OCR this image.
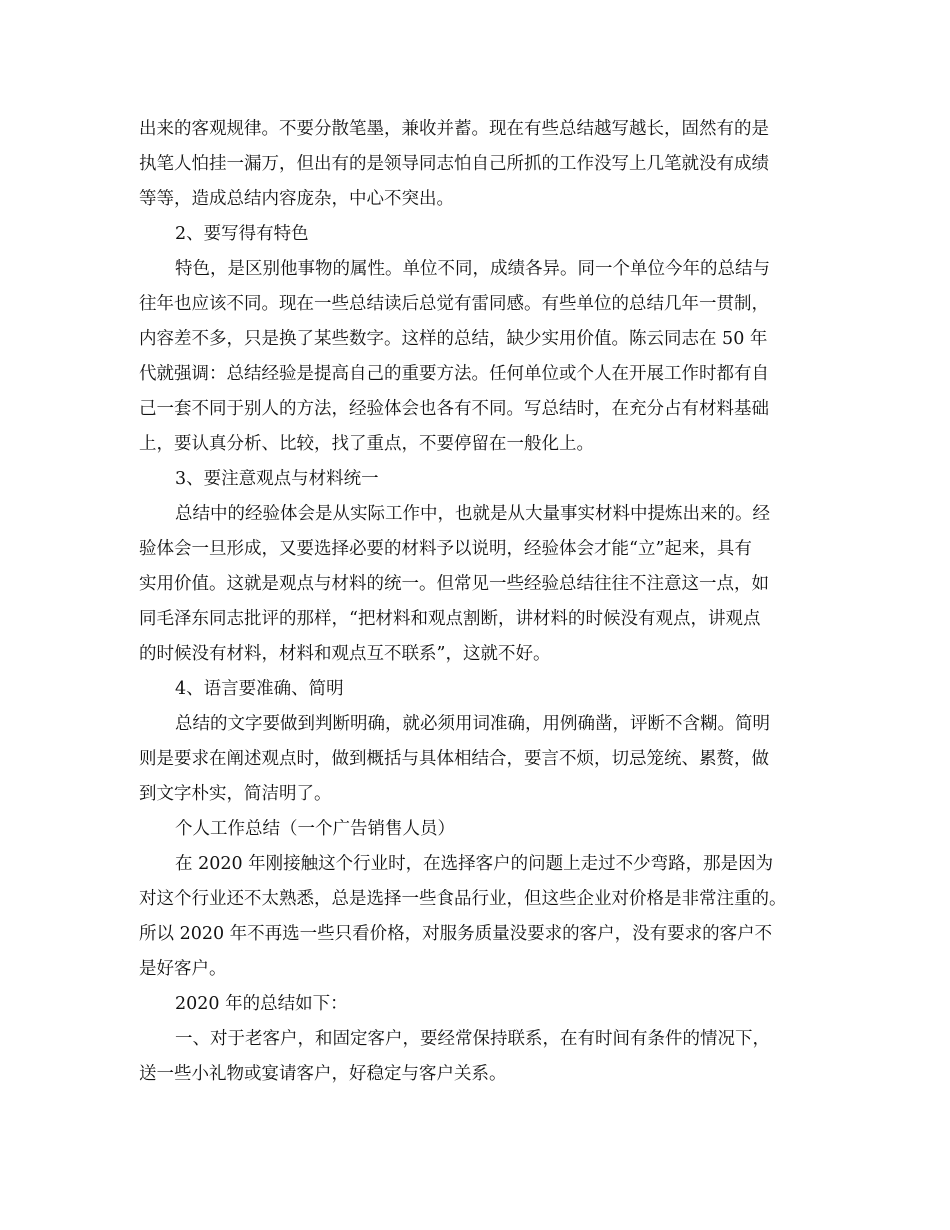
出来的客观规律。不要分散笔墨，兼收并蓄。现在有些总结越写越长，固然有的是
执笔人怕挂一漏万，但出有的是领导同志怕自己所抓的工作没写上几笔就没有成绩
等等，造成总结内容庞杂，中心不突出。
2、要写得有特色
特色，是区别他事物的属性。单位不同，成绩各异。同一个单位今年的总结与
往年也应该不同。现在一些总结读后总觉有雷同感。有些单位的总结几年一贯制，
内容差不多，只是换了某些数字。这样的总结，缺少实用价值。陈云同志在 50 年
代就强调：总结经验是提高自己的重要方法。任何单位或个人在开展工作时都有自
己一套不同于别人的方法，经验体会也各有不同。写总结时，在充分占有材料基础
上，要认真分析、比较，找了重点，不要停留在一般化上。
3、要注意观点与材料统一
总结中的经验体会是从实际工作中，也就是从大量事实材料中提炼出来的。经
验体会一旦形成，又要选择必要的材料予以说明，经验体会才能“立”起来，具有
实用价值。这就是观点与材料的统一。但常见一些经验总结往往不注意这一点，如
同毛泽东同志批评的那样，“把材料和观点割断，讲材料的时候没有观点，讲观点
的时候没有材料，材料和观点互不联系”，这就不好。
4、语言要准确、简明
总结的文字要做到判断明确，就必须用词准确，用例确凿，评断不含糊。简明
则是要求在阐述观点时，做到概括与具体相结合，要言不烦，切忌笼统、累赘，做
到文字朴实，简洁明了。
个人工作总结（一个广告销售人员）
在 2020 年刚接触这个行业时，在选择客户的问题上走过不少弯路，那是因为
对这个行业还不太熟悉，总是选择一些食品行业，但这些企业对价格是非常注重的。
所以 2020 年不再选一些只看价格，对服务质量没要求的客户，没有要求的客户不
是好客户。
2020 年的总结如下：
一、对于老客户，和固定客户，要经常保持联系，在有时间有条件的情况下，
送一些小礼物或宴请客户，好稳定与客户关系。
